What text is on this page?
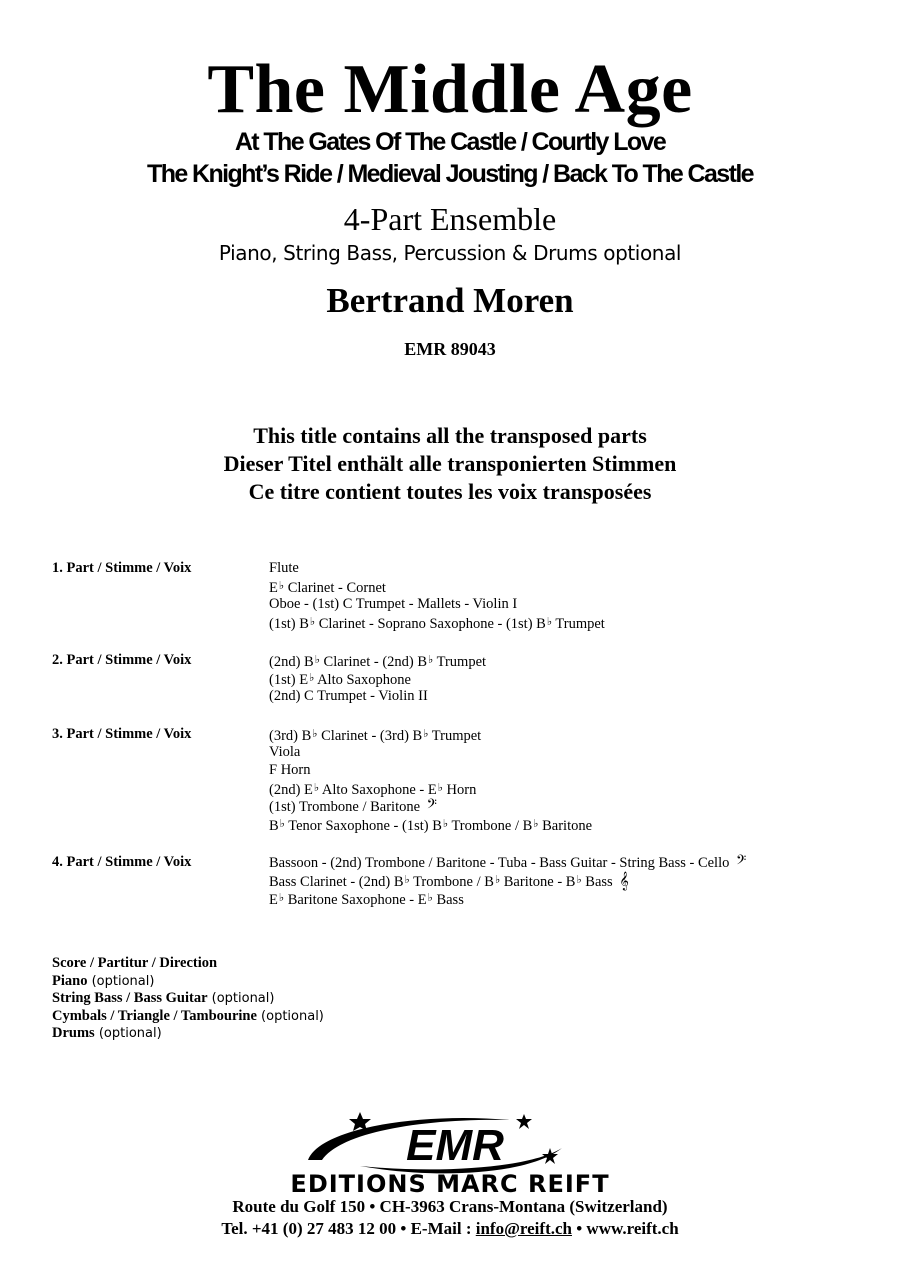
The Middle Age
At The Gates Of The Castle / Courtly Love
The Knight’s Ride / Medieval Jousting / Back To The Castle
4-Part Ensemble
Piano, String Bass, Percussion & Drums optional
Bertrand Moren
EMR 89043
This title contains all the transposed parts
Dieser Titel enthält alle transponierten Stimmen
Ce titre contient toutes les voix transposées
1. Part / Stimme / Voix	Flute
E♭ Clarinet - Cornet
Oboe - (1st) C Trumpet - Mallets - Violin I
(1st) B♭ Clarinet - Soprano Saxophone - (1st) B♭ Trumpet
2. Part / Stimme / Voix	(2nd) B♭ Clarinet - (2nd) B♭ Trumpet
(1st) E♭ Alto Saxophone
(2nd) C Trumpet - Violin II
3. Part / Stimme / Voix	(3rd) B♭ Clarinet - (3rd) B♭ Trumpet
Viola
F Horn
(2nd) E♭ Alto Saxophone - E♭ Horn
(1st) Trombone / Baritone 𝄢
B♭ Tenor Saxophone - (1st) B♭ Trombone / B♭ Baritone
4. Part / Stimme / Voix	Bassoon - (2nd) Trombone / Baritone - Tuba - Bass Guitar - String Bass - Cello 𝄢
Bass Clarinet - (2nd) B♭ Trombone / B♭ Baritone - B♭ Bass 𝄞
E♭ Baritone Saxophone - E♭ Bass
Score / Partitur / Direction
Piano (optional)
String Bass / Bass Guitar (optional)
Cymbals / Triangle / Tambourine (optional)
Drums (optional)
EMR
EDITIONS MARC REIFT
Route du Golf 150 • CH-3963 Crans-Montana (Switzerland)
Tel. +41 (0) 27 483 12 00 • E-Mail : info@reift.ch • www.reift.ch
